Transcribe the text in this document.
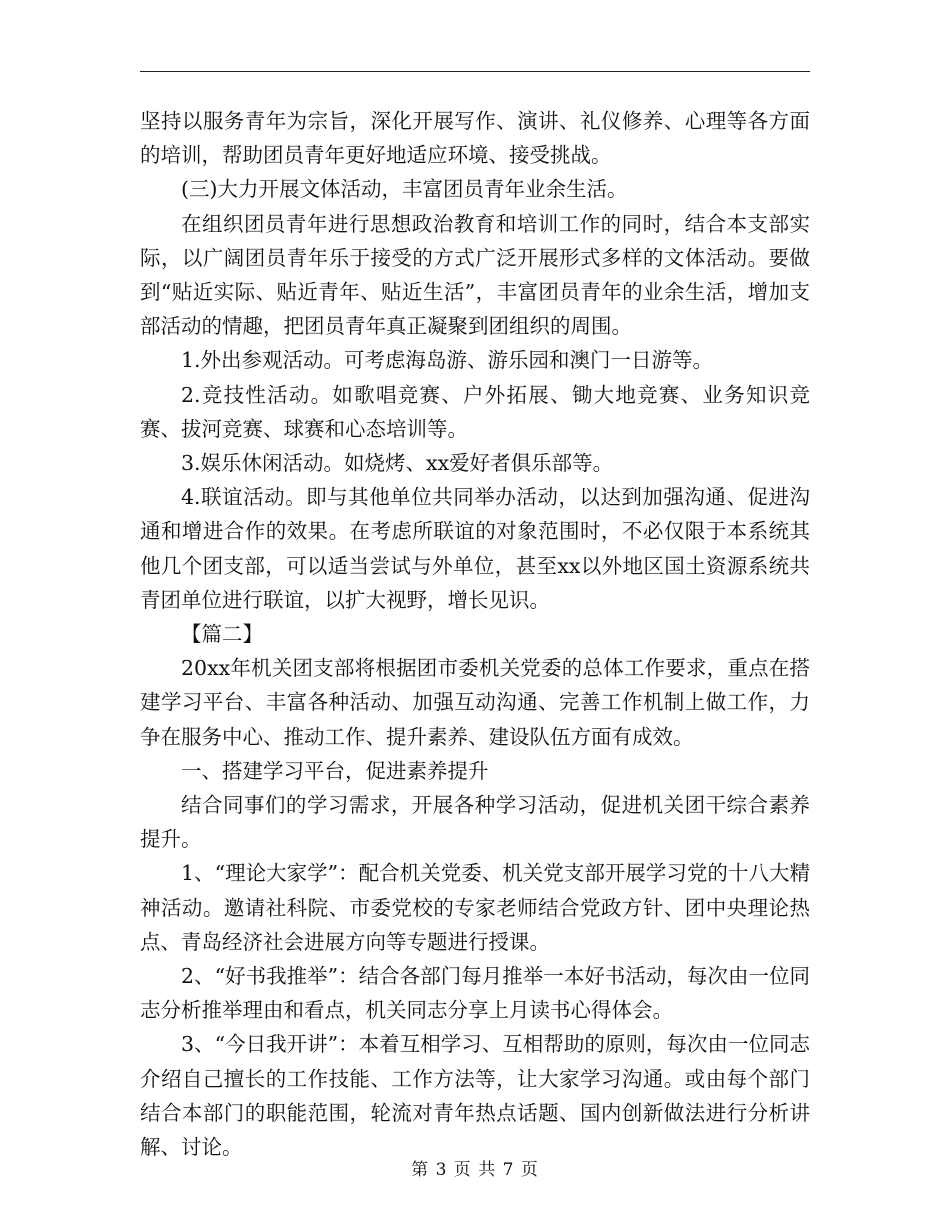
坚持以服务青年为宗旨，深化开展写作、演讲、礼仪修养、心理等各方面的培训，帮助团员青年更好地适应环境、接受挑战。

(三)大力开展文体活动，丰富团员青年业余生活。

在组织团员青年进行思想政治教育和培训工作的同时，结合本支部实际，以广阔团员青年乐于接受的方式广泛开展形式多样的文体活动。要做到“贴近实际、贴近青年、贴近生活”，丰富团员青年的业余生活，增加支部活动的情趣，把团员青年真正凝聚到团组织的周围。

1.外出参观活动。可考虑海岛游、游乐园和澳门一日游等。

2.竞技性活动。如歌唱竞赛、户外拓展、锄大地竞赛、业务知识竞赛、拔河竞赛、球赛和心态培训等。

3.娱乐休闲活动。如烧烤、xx爱好者俱乐部等。

4.联谊活动。即与其他单位共同举办活动，以达到加强沟通、促进沟通和增进合作的效果。在考虑所联谊的对象范围时，不必仅限于本系统其他几个团支部，可以适当尝试与外单位，甚至xx以外地区国土资源系统共青团单位进行联谊，以扩大视野，增长见识。

【篇二】

20xx年机关团支部将根据团市委机关党委的总体工作要求，重点在搭建学习平台、丰富各种活动、加强互动沟通、完善工作机制上做工作，力争在服务中心、推动工作、提升素养、建设队伍方面有成效。

一、搭建学习平台，促进素养提升

结合同事们的学习需求，开展各种学习活动，促进机关团干综合素养提升。

1、“理论大家学”：配合机关党委、机关党支部开展学习党的十八大精神活动。邀请社科院、市委党校的专家老师结合党政方针、团中央理论热点、青岛经济社会进展方向等专题进行授课。

2、“好书我推举”：结合各部门每月推举一本好书活动，每次由一位同志分析推举理由和看点，机关同志分享上月读书心得体会。

3、“今日我开讲”：本着互相学习、互相帮助的原则，每次由一位同志介绍自己擅长的工作技能、工作方法等，让大家学习沟通。或由每个部门结合本部门的职能范围，轮流对青年热点话题、国内创新做法进行分析讲解、讨论。

第 3 页 共 7 页
